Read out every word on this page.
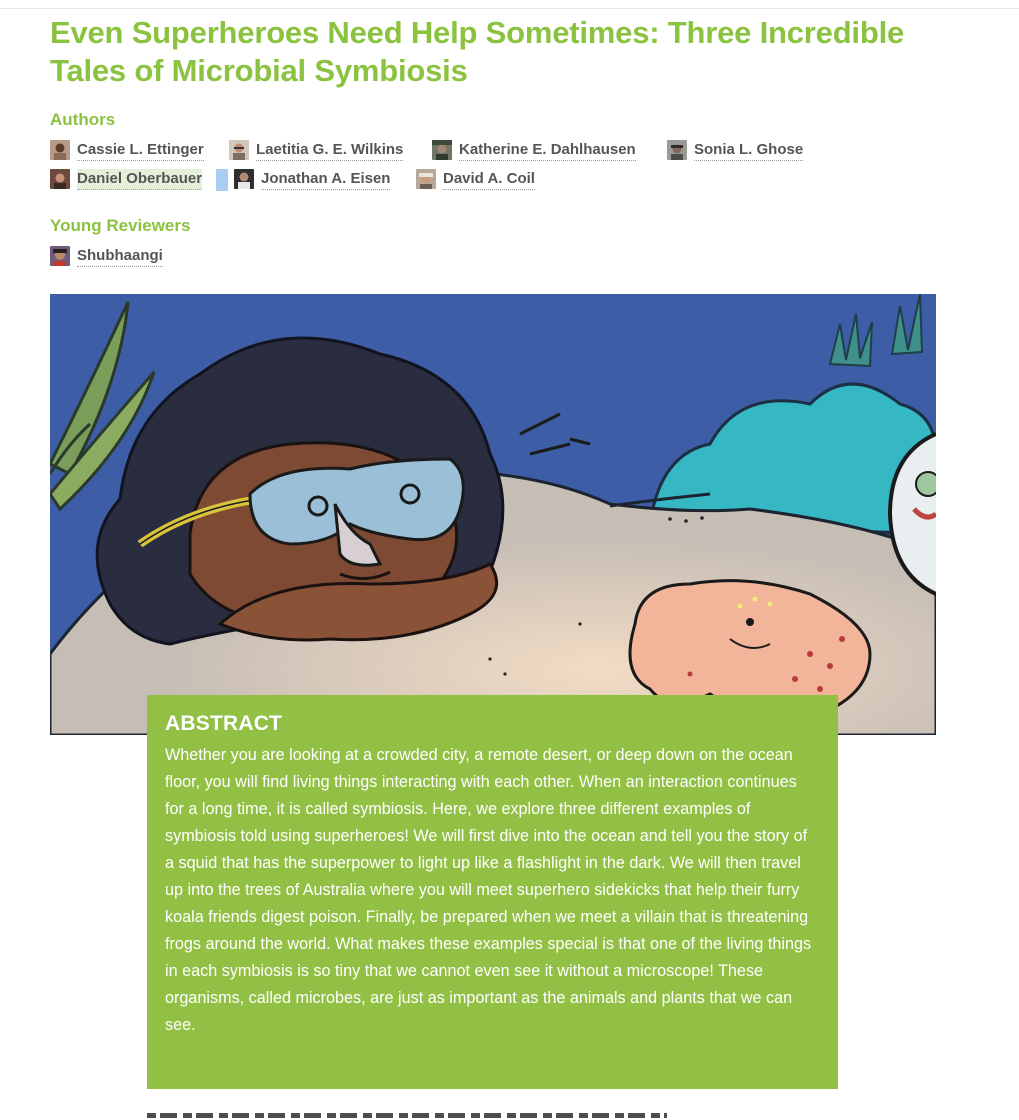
Even Superheroes Need Help Sometimes: Three Incredible Tales of Microbial Symbiosis
Authors
Cassie L. Ettinger	Laetitia G. E. Wilkins	Katherine E. Dahlhausen	Sonia L. Ghose
Daniel Oberbauer	Jonathan A. Eisen	David A. Coil
Young Reviewers
Shubhaangi
ABSTRACT

Whether you are looking at a crowded city, a remote desert, or deep down on the ocean floor, you will find living things interacting with each other. When an interaction continues for a long time, it is called symbiosis. Here, we explore three different examples of symbiosis told using superheroes! We will first dive into the ocean and tell you the story of a squid that has the superpower to light up like a flashlight in the dark. We will then travel up into the trees of Australia where you will meet superhero sidekicks that help their furry koala friends digest poison. Finally, be prepared when we meet a villain that is threatening frogs around the world. What makes these examples special is that one of the living things in each symbiosis is so tiny that we cannot even see it without a microscope! These organisms, called microbes, are just as important as the animals and plants that we can see.
